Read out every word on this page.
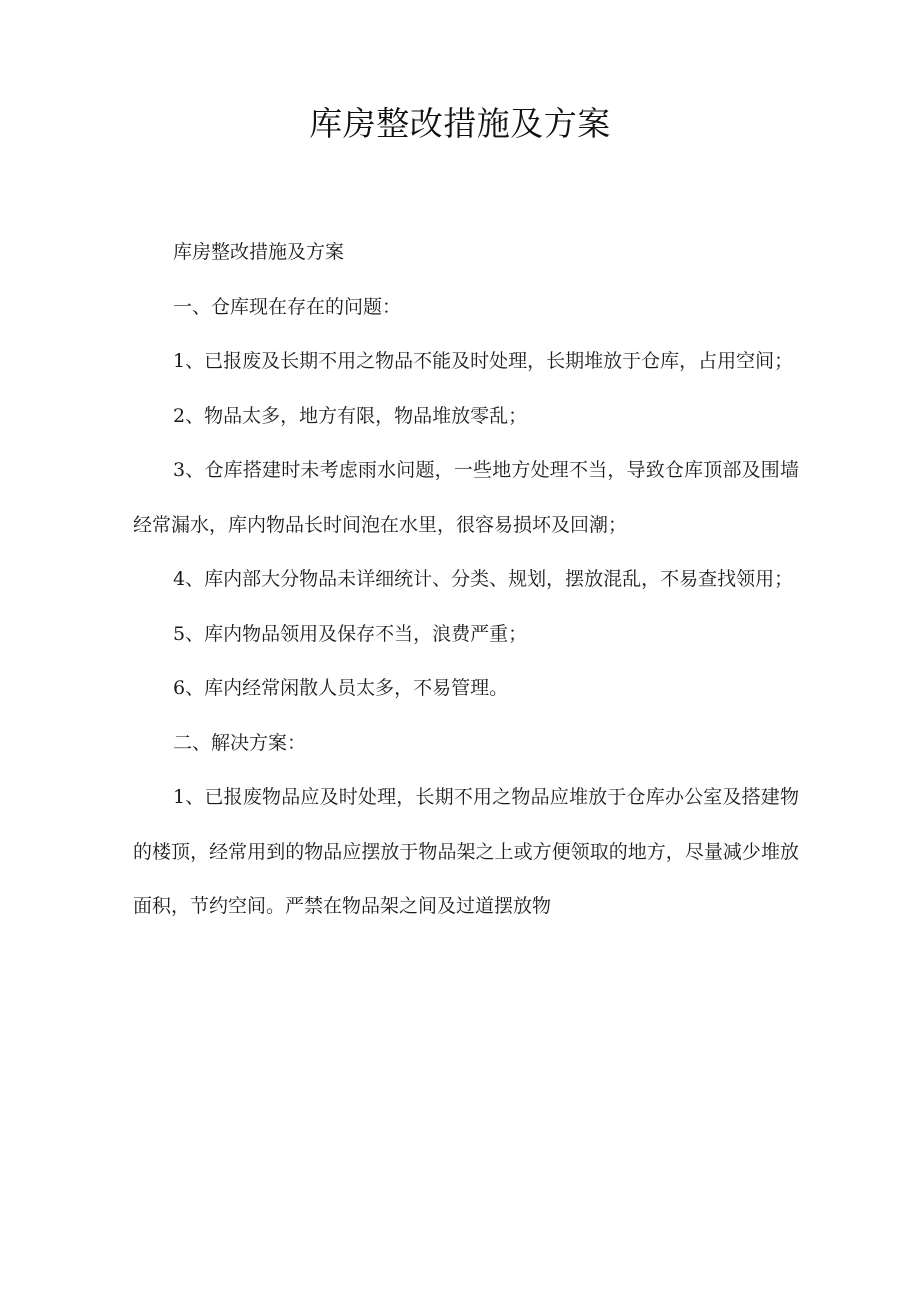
库房整改措施及方案

库房整改措施及方案

一、仓库现在存在的问题：

1、已报废及长期不用之物品不能及时处理，长期堆放于仓库，占用空间；

2、物品太多，地方有限，物品堆放零乱；

3、仓库搭建时未考虑雨水问题，一些地方处理不当，导致仓库顶部及围墙经常漏水，库内物品长时间泡在水里，很容易损坏及回潮；

4、库内部大分物品未详细统计、分类、规划，摆放混乱，不易查找领用；

5、库内物品领用及保存不当，浪费严重；

6、库内经常闲散人员太多，不易管理。

二、解决方案：

1、已报废物品应及时处理，长期不用之物品应堆放于仓库办公室及搭建物的楼顶，经常用到的物品应摆放于物品架之上或方便领取的地方，尽量减少堆放面积，节约空间。严禁在物品架之间及过道摆放物
